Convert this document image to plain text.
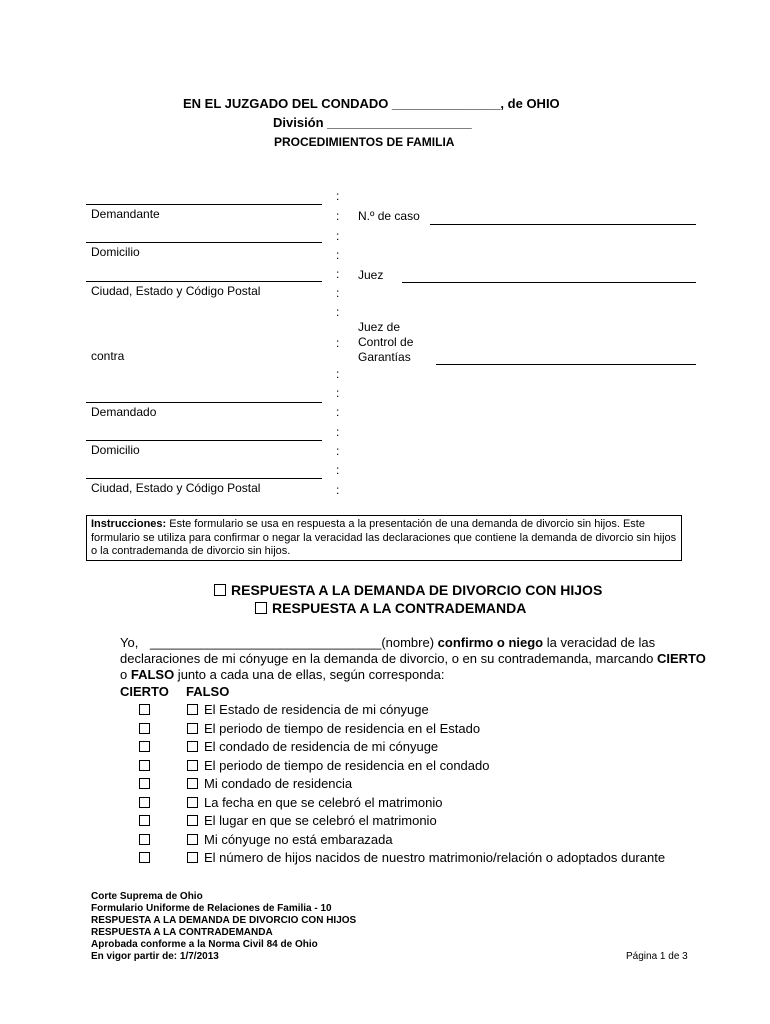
EN EL JUZGADO DEL CONDADO _______________, de OHIO
División ____________________
PROCEDIMIENTOS DE FAMILIA
Demandante
Domicilio
Ciudad, Estado y Código Postal
contra
Demandado
Domicilio
Ciudad, Estado y Código Postal
:
:
:
:
:
:
:
:
:
:
:
:
:
:
:
N.º de caso
Juez
Juez de
Control de
Garantías
Instrucciones: Este formulario se usa en respuesta a la presentación de una demanda de divorcio sin hijos. Este formulario se utiliza para confirmar o negar la veracidad las declaraciones que contiene la demanda de divorcio sin hijos o la contrademanda de divorcio sin hijos.
RESPUESTA A LA DEMANDA DE DIVORCIO CON HIJOS
RESPUESTA A LA CONTRADEMANDA
Yo, ________________________________(nombre) confirmo o niego la veracidad de las
declaraciones de mi cónyuge en la demanda de divorcio, o en su contrademanda, marcando CIERTO
o FALSO junto a cada una de ellas, según corresponda:
CIERTO FALSO
El Estado de residencia de mi cónyuge
El periodo de tiempo de residencia en el Estado
El condado de residencia de mi cónyuge
El periodo de tiempo de residencia en el condado
Mi condado de residencia
La fecha en que se celebró el matrimonio
El lugar en que se celebró el matrimonio
Mi cónyuge no está embarazada
El número de hijos nacidos de nuestro matrimonio/relación o adoptados durante
Corte Suprema de Ohio
Formulario Uniforme de Relaciones de Familia - 10
RESPUESTA A LA DEMANDA DE DIVORCIO CON HIJOS
RESPUESTA A LA CONTRADEMANDA
Aprobada conforme a la Norma Civil 84 de Ohio
En vigor partir de: 1/7/2013	Página 1 de 3
